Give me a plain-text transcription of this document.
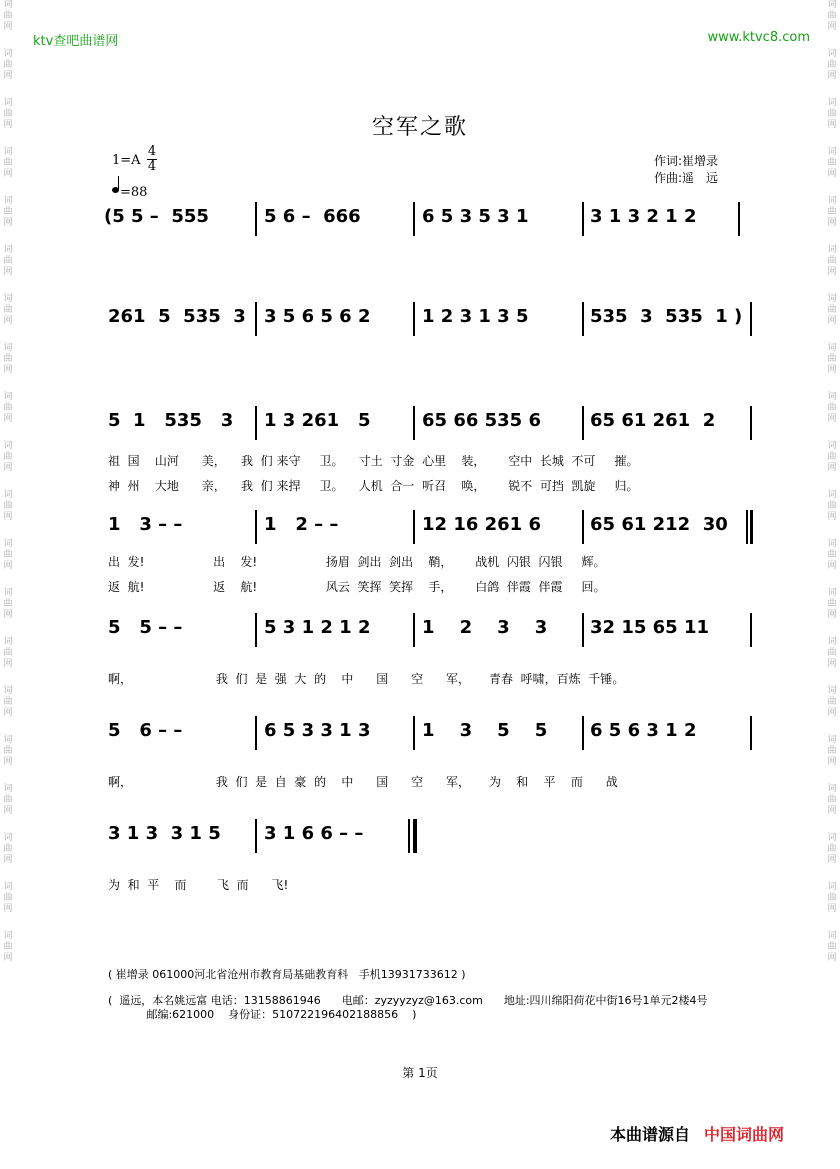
词
曲
网
词
曲
网
词
曲
网
词
曲
网
词
曲
网
词
曲
网
词
曲
网
词
曲
网
词
曲
网
词
曲
网
词
曲
网
词
曲
网
词
曲
网
词
曲
网
词
曲
网
词
曲
网
词
曲
网
词
曲
网
词
曲
网
词
曲
网
词
曲
网
词
曲
网
词
曲
网
词
曲
网
词
曲
网
词
曲
网
词
曲
网
词
曲
网
词
曲
网
词
曲
网
词
曲
网
词
曲
网
词
曲
网
词
曲
网
词
曲
网
词
曲
网
词
曲
网
词
曲
网
词
曲
网
词
曲
网
ktv查吧曲谱网	www.ktvc8.com
空军之歌
1=A
4
4
=88
作词:崔增录
作曲:遥　远
(5 5 –  555	5 6 –  666	6 5 3 5 3 1	3 1 3 2 1 2
261  5  535  3 3 5 6 5 6 2	1 2 3 1 3 5	535  3  535  1 )
5  1   535   3 1 3 261   5	65 66 535 6	65 61 261  2
祖  国    山河      美，    我  们 来守     卫。    寸土  寸金  心里    装，      空中  长城  不可     摧。
神  州    大地      亲，    我  们 来捍     卫。    人机  合一  听召    唤，      锐不  可挡  凯旋     归。
1   3 – –	1   2 – –	12 16 261 6	65 61 212  30
出  发!                  出    发!                  扬眉  剑出  剑出    鞘，      战机  闪银  闪银     辉。
返  航!                  返    航!                  风云  笑挥  笑挥    手，      白鸽  伴霞  伴霞     回。
5   5 – –	5 3 1 2 1 2	1    2    3    3 32 15 65 11
啊，                      我  们  是  强  大  的    中      国      空      军，     青春  呼啸，百炼  千锤。
5   6 – –	6 5 3 3 1 3	1    3    5    5 6 5 6 3 1 2
啊，                      我  们  是  自  豪  的    中      国      空      军，     为    和    平    而      战
3 1 3  3 1 5 3 1 6 6 – –
为  和  平    而        飞  而      飞!
( 崔增录 061000河北省沧州市教育局基础教育科   手机13931733612 )
(  遥远，本名姚远富 电话：13158861946      电邮：zyzyyzyz@163.com      地址:四川绵阳荷花中街16号1单元2楼4号
邮编:621000    身份证：510722196402188856    )
第 1页
本曲谱源自 中国词曲网
